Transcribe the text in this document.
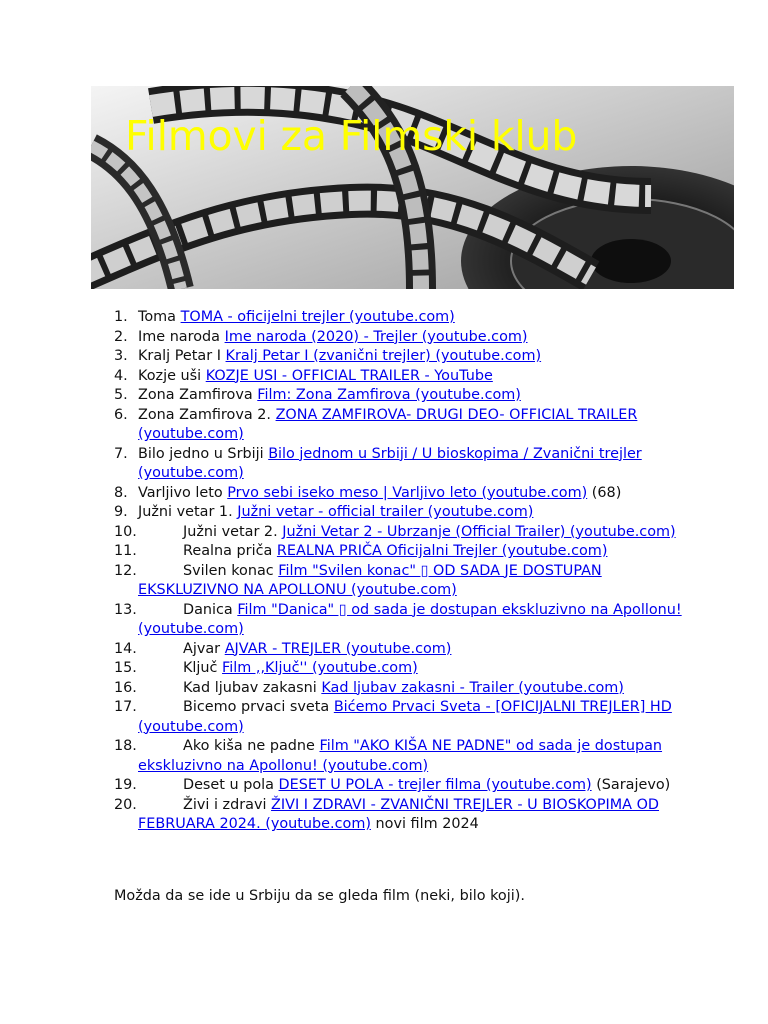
Filmovi za Filmski klub
1. Toma TOMA - oficijelni trejler (youtube.com)
2. Ime naroda Ime naroda (2020) - Trejler (youtube.com)
3. Kralj Petar I Kralj Petar I (zvanični trejler) (youtube.com)
4. Kozje uši KOZJE USI - OFFICIAL TRAILER - YouTube
5. Zona Zamfirova Film: Zona Zamfirova (youtube.com)
6. Zona Zamfirova 2. ZONA ZAMFIROVA- DRUGI DEO- OFFICIAL TRAILER (youtube.com)
7. Bilo jedno u Srbiji Bilo jednom u Srbiji / U bioskopima / Zvanični trejler (youtube.com)
8. Varljivo leto Prvo sebi iseko meso | Varljivo leto (youtube.com) (68)
9. Južni vetar 1. Južni vetar - official trailer (youtube.com)
10.	Južni vetar 2. Južni Vetar 2 - Ubrzanje (Official Trailer) (youtube.com)
11.	Realna priča REALNA PRIČA Oficijalni Trejler (youtube.com)
12.	Svilen konac Film "Svilen konac" ▯ OD SADA JE DOSTUPAN EKSKLUZIVNO NA APOLLONU (youtube.com)
13.	Danica Film "Danica" ▯ od sada je dostupan ekskluzivno na Apollonu! (youtube.com)
14.	Ajvar AJVAR - TREJLER (youtube.com)
15.	Ključ Film ,,Ključ'' (youtube.com)
16.	Kad ljubav zakasni Kad ljubav zakasni - Trailer (youtube.com)
17.	Bicemo prvaci sveta Bićemo Prvaci Sveta - [OFICIJALNI TREJLER] HD (youtube.com)
18.	Ako kiša ne padne Film "AKO KIŠA NE PADNE" od sada je dostupan ekskluzivno na Apollonu! (youtube.com)
19.	Deset u pola DESET U POLA - trejler filma (youtube.com) (Sarajevo)
20.	Živi i zdravi ŽIVI I ZDRAVI - ZVANIČNI TREJLER - U BIOSKOPIMA OD FEBRUARA 2024. (youtube.com) novi film 2024
Možda da se ide u Srbiju da se gleda film (neki, bilo koji).
